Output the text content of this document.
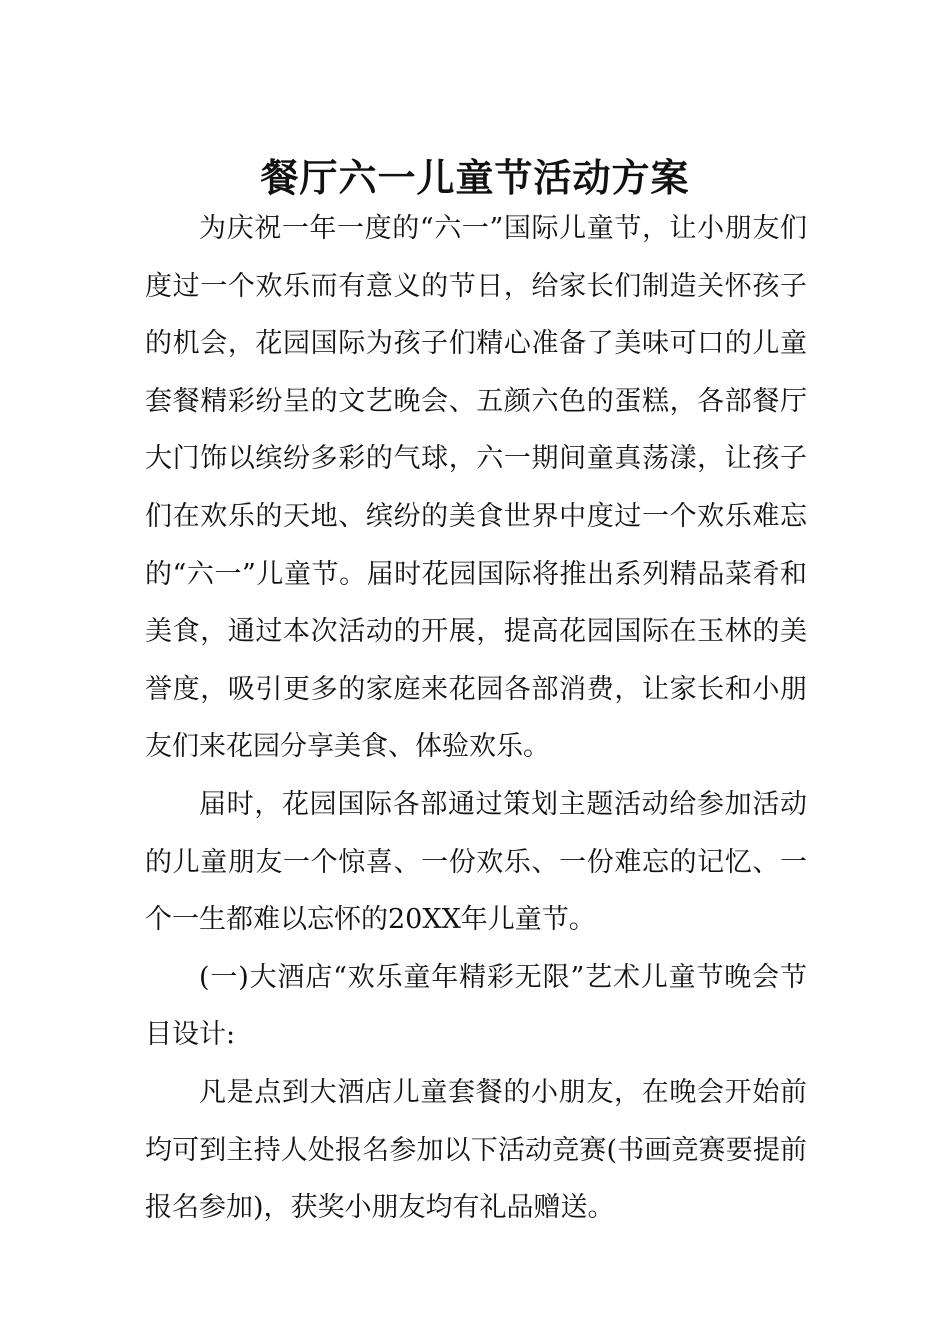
餐厅六一儿童节活动方案

为庆祝一年一度的“六一”国际儿童节，让小朋友们度过一个欢乐而有意义的节日，给家长们制造关怀孩子的机会，花园国际为孩子们精心准备了美味可口的儿童套餐精彩纷呈的文艺晚会、五颜六色的蛋糕，各部餐厅大门饰以缤纷多彩的气球，六一期间童真荡漾，让孩子们在欢乐的天地、缤纷的美食世界中度过一个欢乐难忘的“六一”儿童节。届时花园国际将推出系列精品菜肴和美食，通过本次活动的开展，提高花园国际在玉林的美誉度，吸引更多的家庭来花园各部消费，让家长和小朋友们来花园分享美食、体验欢乐。

届时，花园国际各部通过策划主题活动给参加活动的儿童朋友一个惊喜、一份欢乐、一份难忘的记忆、一个一生都难以忘怀的20XX年儿童节。

(一)大酒店“欢乐童年精彩无限”艺术儿童节晚会节目设计:

凡是点到大酒店儿童套餐的小朋友，在晚会开始前均可到主持人处报名参加以下活动竞赛(书画竞赛要提前报名参加)，获奖小朋友均有礼品赠送。
